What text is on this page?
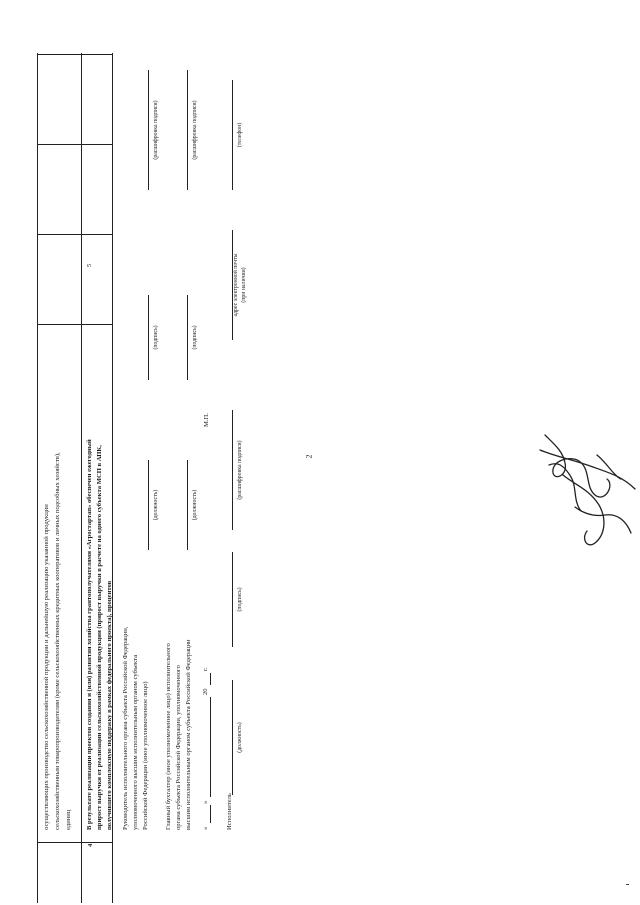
2
осуществляющих производство сельскохозяйственной продукции и дальнейшую реализацию указанной продукции сельскохозяйственным товаропроизводителям (кроме сельскохозяйственных кредитных кооперативов и личных подсобных хозяйств), единиц
4
В результате реализации проектов создания и (или) развития хозяйства грантополучателями «Агростартап» обеспечен ежегодный прирост выручки от реализации сельскохозяйственной продукции (прирост выручки в расчете на одного субъекта МСП в АПК, получившего комплексную поддержку в рамках федерального проекта), процентов
5
Руководитель исполнительного органа субъекта Российской Федерации, уполномоченного высшим исполнительным органом субъекта Российской Федерации (иное уполномоченное лицо)
(должность)
(подпись)
(расшифровка подписи)
Главный бухгалтер (иное уполномоченное лицо) исполнительного органа субъекта Российской Федерации, уполномоченного высшим исполнительным органом субъекта Российской Федерации
(должность)
(подпись)
(расшифровка подписи)
М.П.
«
»
20
г.
Исполнитель
(должность)
(подпись)
(расшифровка подписи)
адрес электронной почты (при наличии)
(телефон)
